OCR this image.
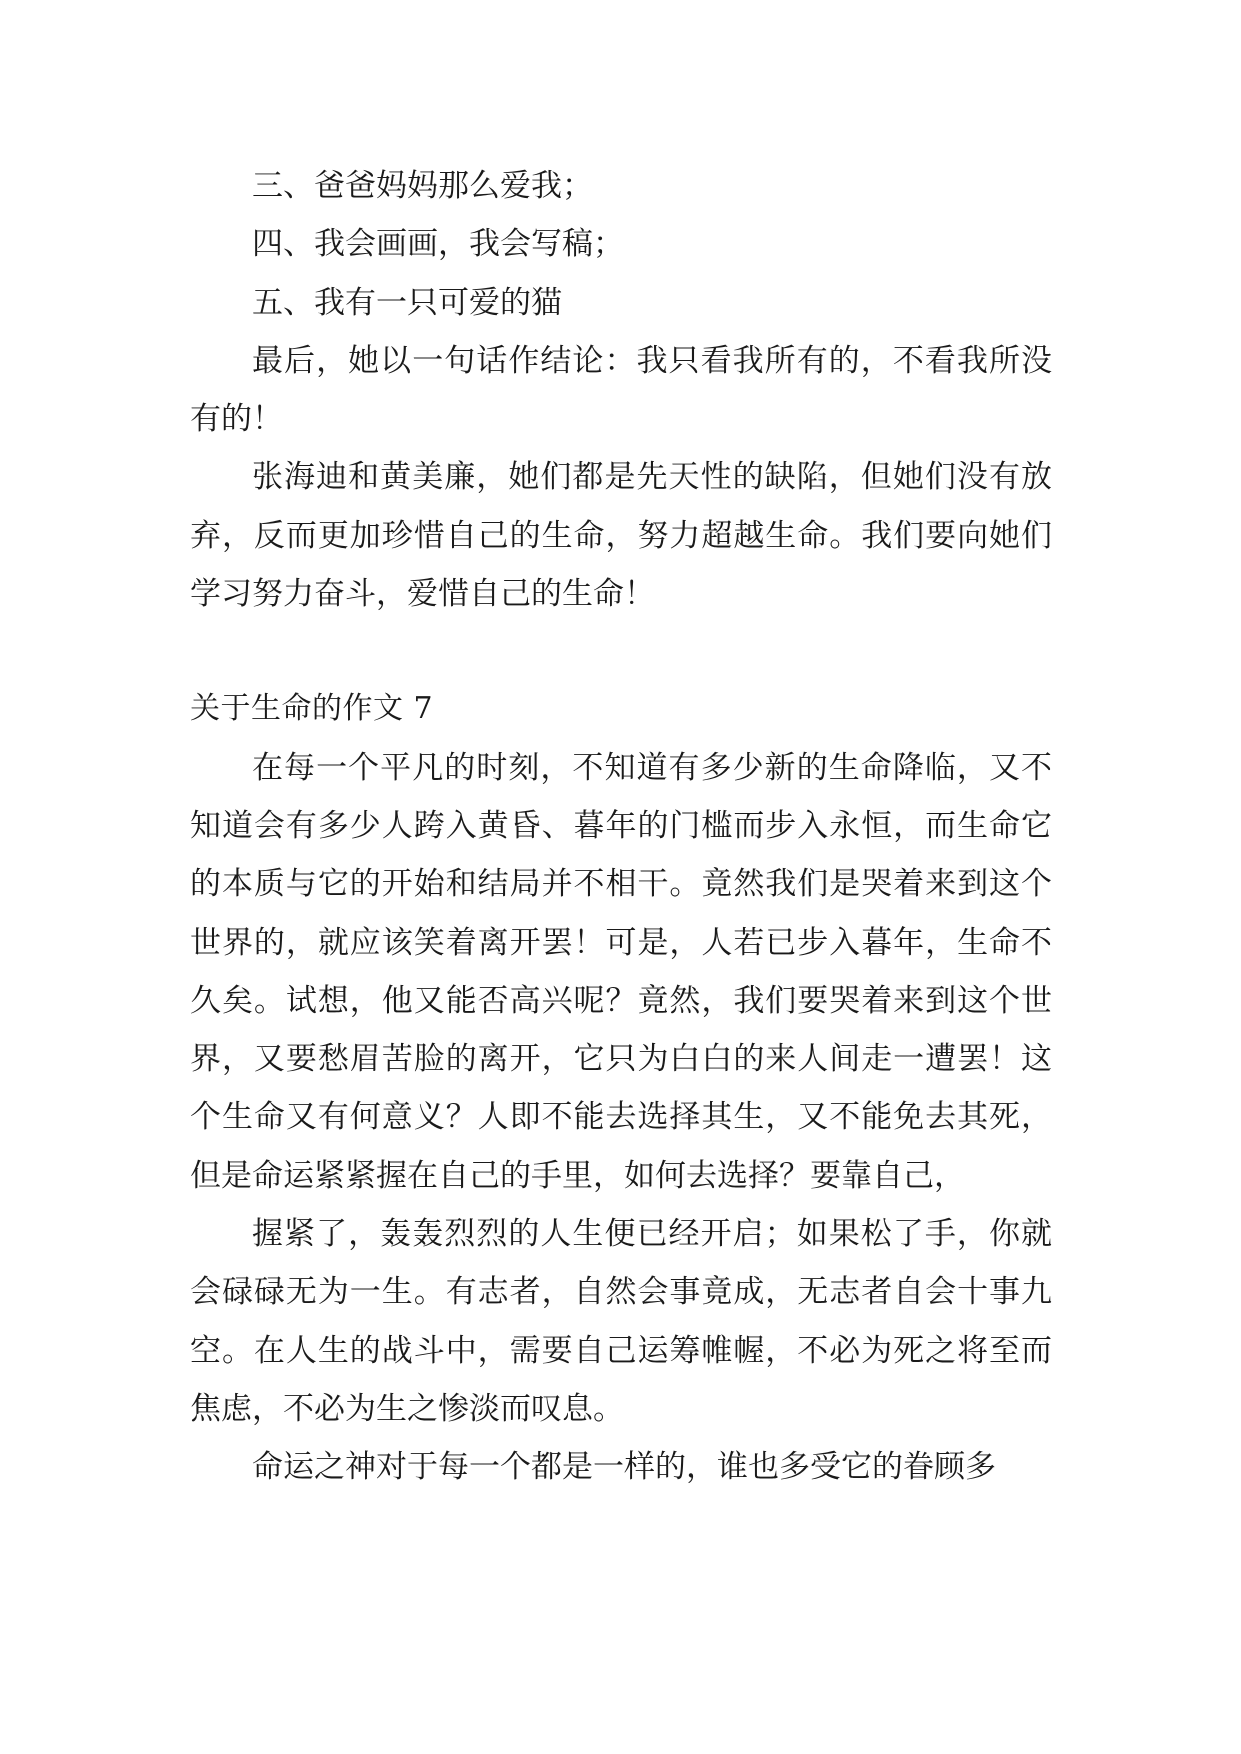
三、爸爸妈妈那么爱我；

四、我会画画，我会写稿；

五、我有一只可爱的猫

最后，她以一句话作结论：我只看我所有的，不看我所没有的！

张海迪和黄美廉，她们都是先天性的缺陷，但她们没有放弃，反而更加珍惜自己的生命，努力超越生命。我们要向她们学习努力奋斗，爱惜自己的生命！

关于生命的作文 7

在每一个平凡的时刻，不知道有多少新的生命降临，又不知道会有多少人跨入黄昏、暮年的门槛而步入永恒，而生命它的本质与它的开始和结局并不相干。竟然我们是哭着来到这个世界的，就应该笑着离开罢！可是，人若已步入暮年，生命不久矣。试想，他又能否高兴呢？竟然，我们要哭着来到这个世界，又要愁眉苦脸的离开，它只为白白的来人间走一遭罢！这个生命又有何意义？人即不能去选择其生，又不能免去其死，但是命运紧紧握在自己的手里，如何去选择？要靠自己，

握紧了，轰轰烈烈的人生便已经开启；如果松了手，你就会碌碌无为一生。有志者，自然会事竟成，无志者自会十事九空。在人生的战斗中，需要自己运筹帷幄，不必为死之将至而焦虑，不必为生之惨淡而叹息。

命运之神对于每一个都是一样的，谁也多受它的眷顾多
